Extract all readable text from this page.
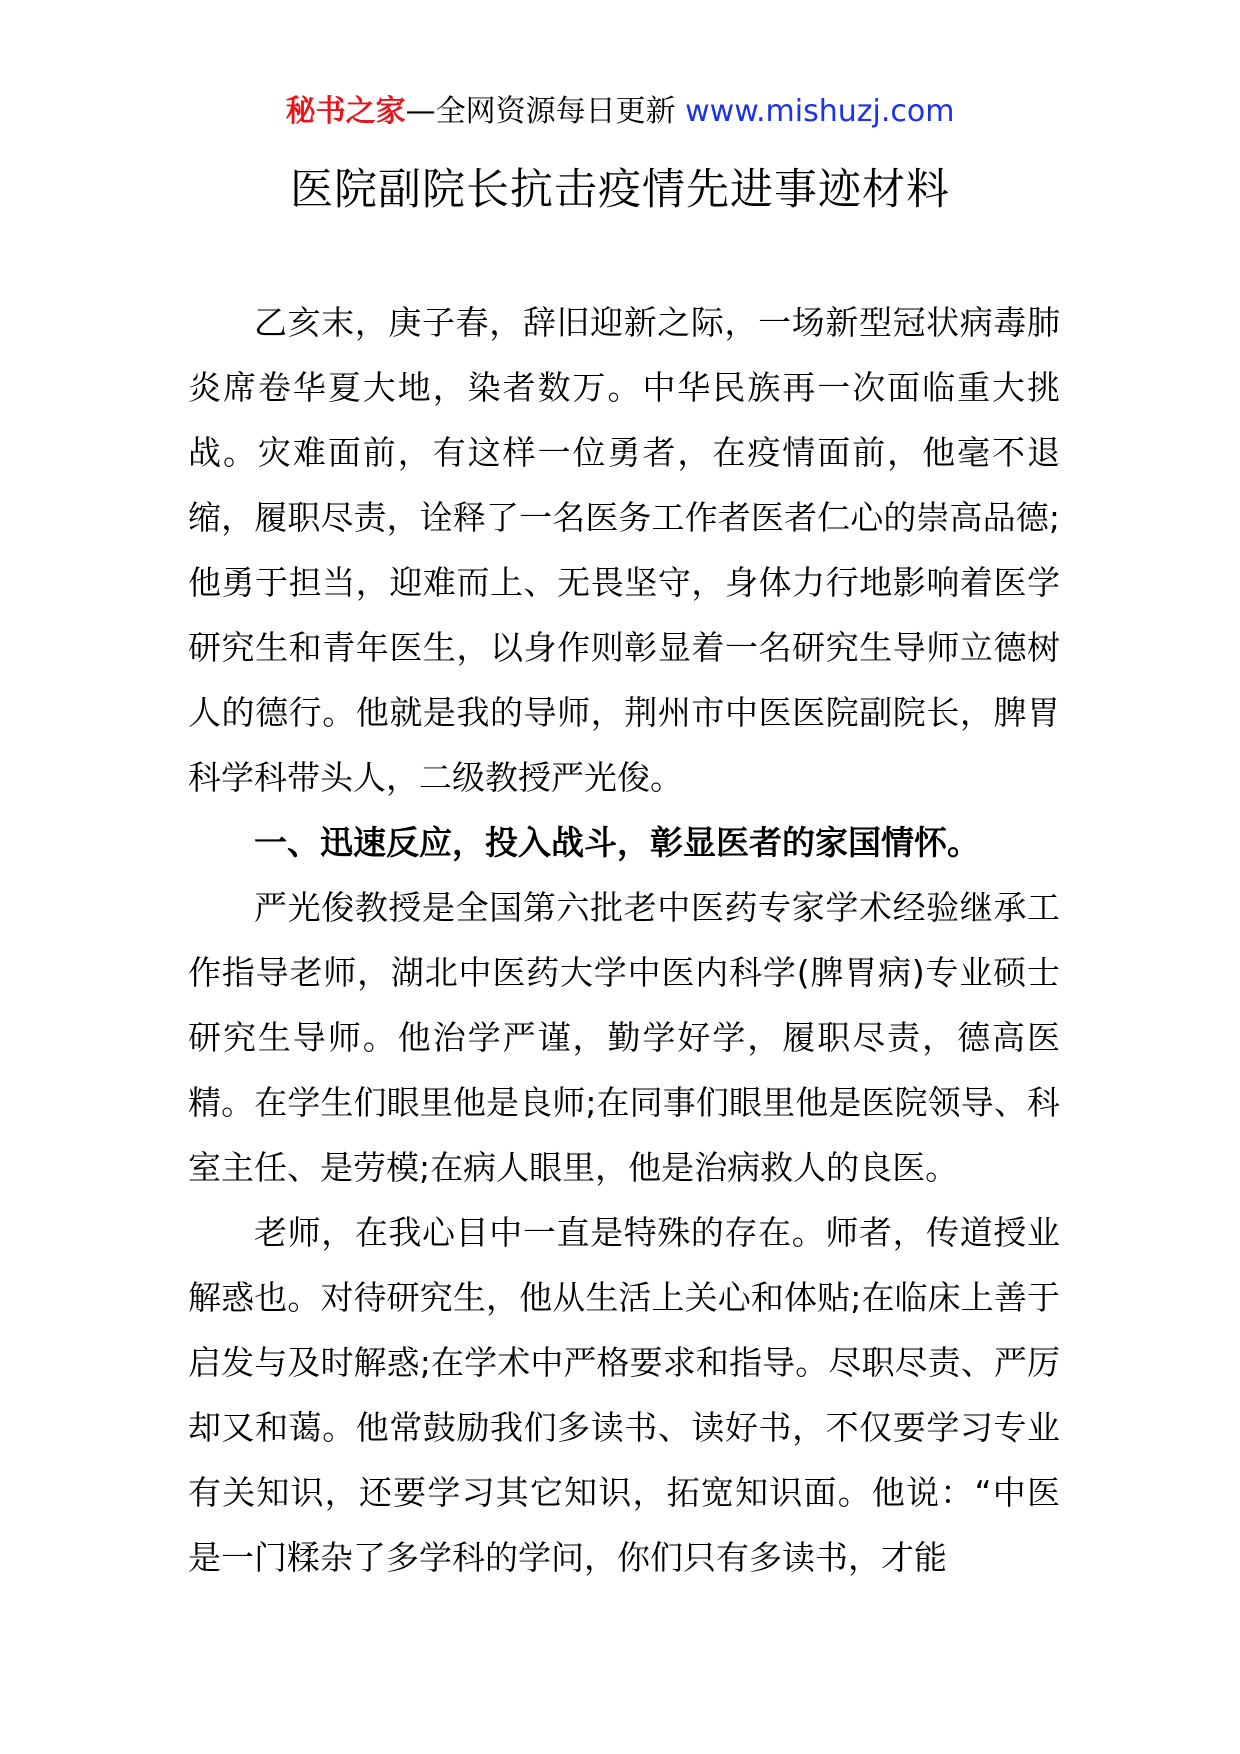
秘书之家—全网资源每日更新 www.mishuzj.com
医院副院长抗击疫情先进事迹材料

乙亥末，庚子春，辞旧迎新之际，一场新型冠状病毒肺炎席卷华夏大地，染者数万。中华民族再一次面临重大挑战。灾难面前，有这样一位勇者，在疫情面前，他毫不退缩，履职尽责，诠释了一名医务工作者医者仁心的崇高品德;他勇于担当，迎难而上、无畏坚守，身体力行地影响着医学研究生和青年医生，以身作则彰显着一名研究生导师立德树人的德行。他就是我的导师，荆州市中医医院副院长，脾胃科学科带头人，二级教授严光俊。

一、迅速反应，投入战斗，彰显医者的家国情怀。

严光俊教授是全国第六批老中医药专家学术经验继承工作指导老师，湖北中医药大学中医内科学(脾胃病)专业硕士研究生导师。他治学严谨，勤学好学，履职尽责，德高医精。在学生们眼里他是良师;在同事们眼里他是医院领导、科室主任、是劳模;在病人眼里，他是治病救人的良医。

老师，在我心目中一直是特殊的存在。师者，传道授业解惑也。对待研究生，他从生活上关心和体贴;在临床上善于启发与及时解惑;在学术中严格要求和指导。尽职尽责、严厉却又和蔼。他常鼓励我们多读书、读好书，不仅要学习专业有关知识，还要学习其它知识，拓宽知识面。他说：“中医是一门糅杂了多学科的学问，你们只有多读书，才能
